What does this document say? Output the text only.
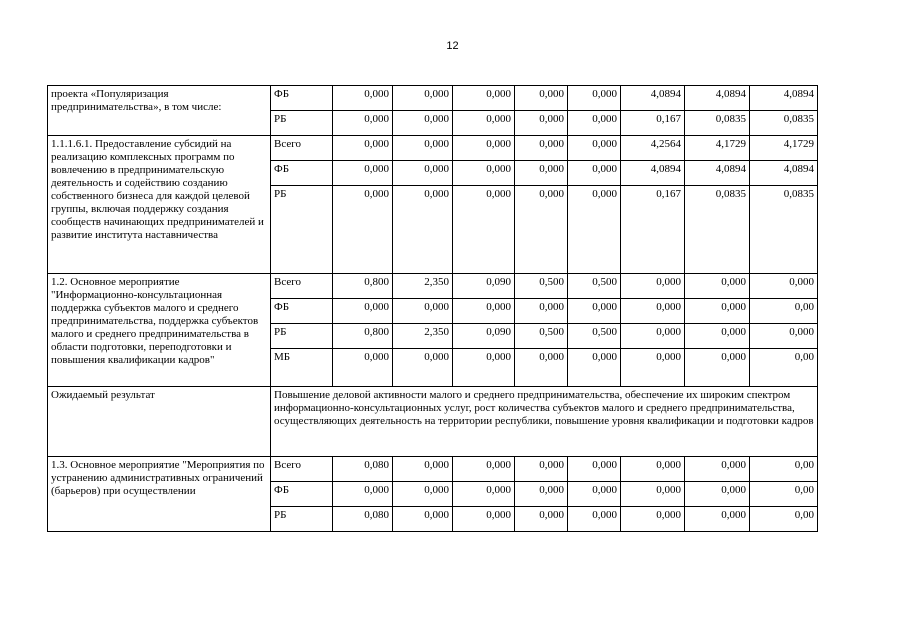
12
проекта «Популяризация предпринимательства», в том числе:	ФБ	0,000	0,000	0,000	0,000	0,000	4,0894	4,0894	4,0894
	РБ	0,000	0,000	0,000	0,000	0,000	0,167	0,0835	0,0835
1.1.1.6.1. Предоставление субсидий на реализацию комплексных программ по вовлечению в предпринимательскую деятельность и содействию созданию собственного бизнеса для каждой целевой группы, включая поддержку создания сообществ начинающих предпринимателей и развитие института наставничества	Всего	0,000	0,000	0,000	0,000	0,000	4,2564	4,1729	4,1729
	ФБ	0,000	0,000	0,000	0,000	0,000	4,0894	4,0894	4,0894
	РБ	0,000	0,000	0,000	0,000	0,000	0,167	0,0835	0,0835
1.2. Основное мероприятие "Информационно-консультационная поддержка субъектов малого и среднего предпринимательства, поддержка субъектов малого и среднего предпринимательства в области подготовки, переподготовки и повышения квалификации кадров"	Всего	0,800	2,350	0,090	0,500	0,500	0,000	0,000	0,000
	ФБ	0,000	0,000	0,000	0,000	0,000	0,000	0,000	0,00
	РБ	0,800	2,350	0,090	0,500	0,500	0,000	0,000	0,000
	МБ	0,000	0,000	0,000	0,000	0,000	0,000	0,000	0,00
Ожидаемый результат	Повышение деловой активности малого и среднего предпринимательства, обеспечение их широким спектром информационно-консультационных услуг, рост количества субъектов малого и среднего предпринимательства, осуществляющих деятельность на территории республики, повышение уровня квалификации и подготовки кадров								
1.3. Основное мероприятие "Мероприятия по устранению административных ограничений (барьеров) при осуществлении	Всего	0,080	0,000	0,000	0,000	0,000	0,000	0,000	0,00
	ФБ	0,000	0,000	0,000	0,000	0,000	0,000	0,000	0,00
	РБ	0,080	0,000	0,000	0,000	0,000	0,000	0,000	0,00
